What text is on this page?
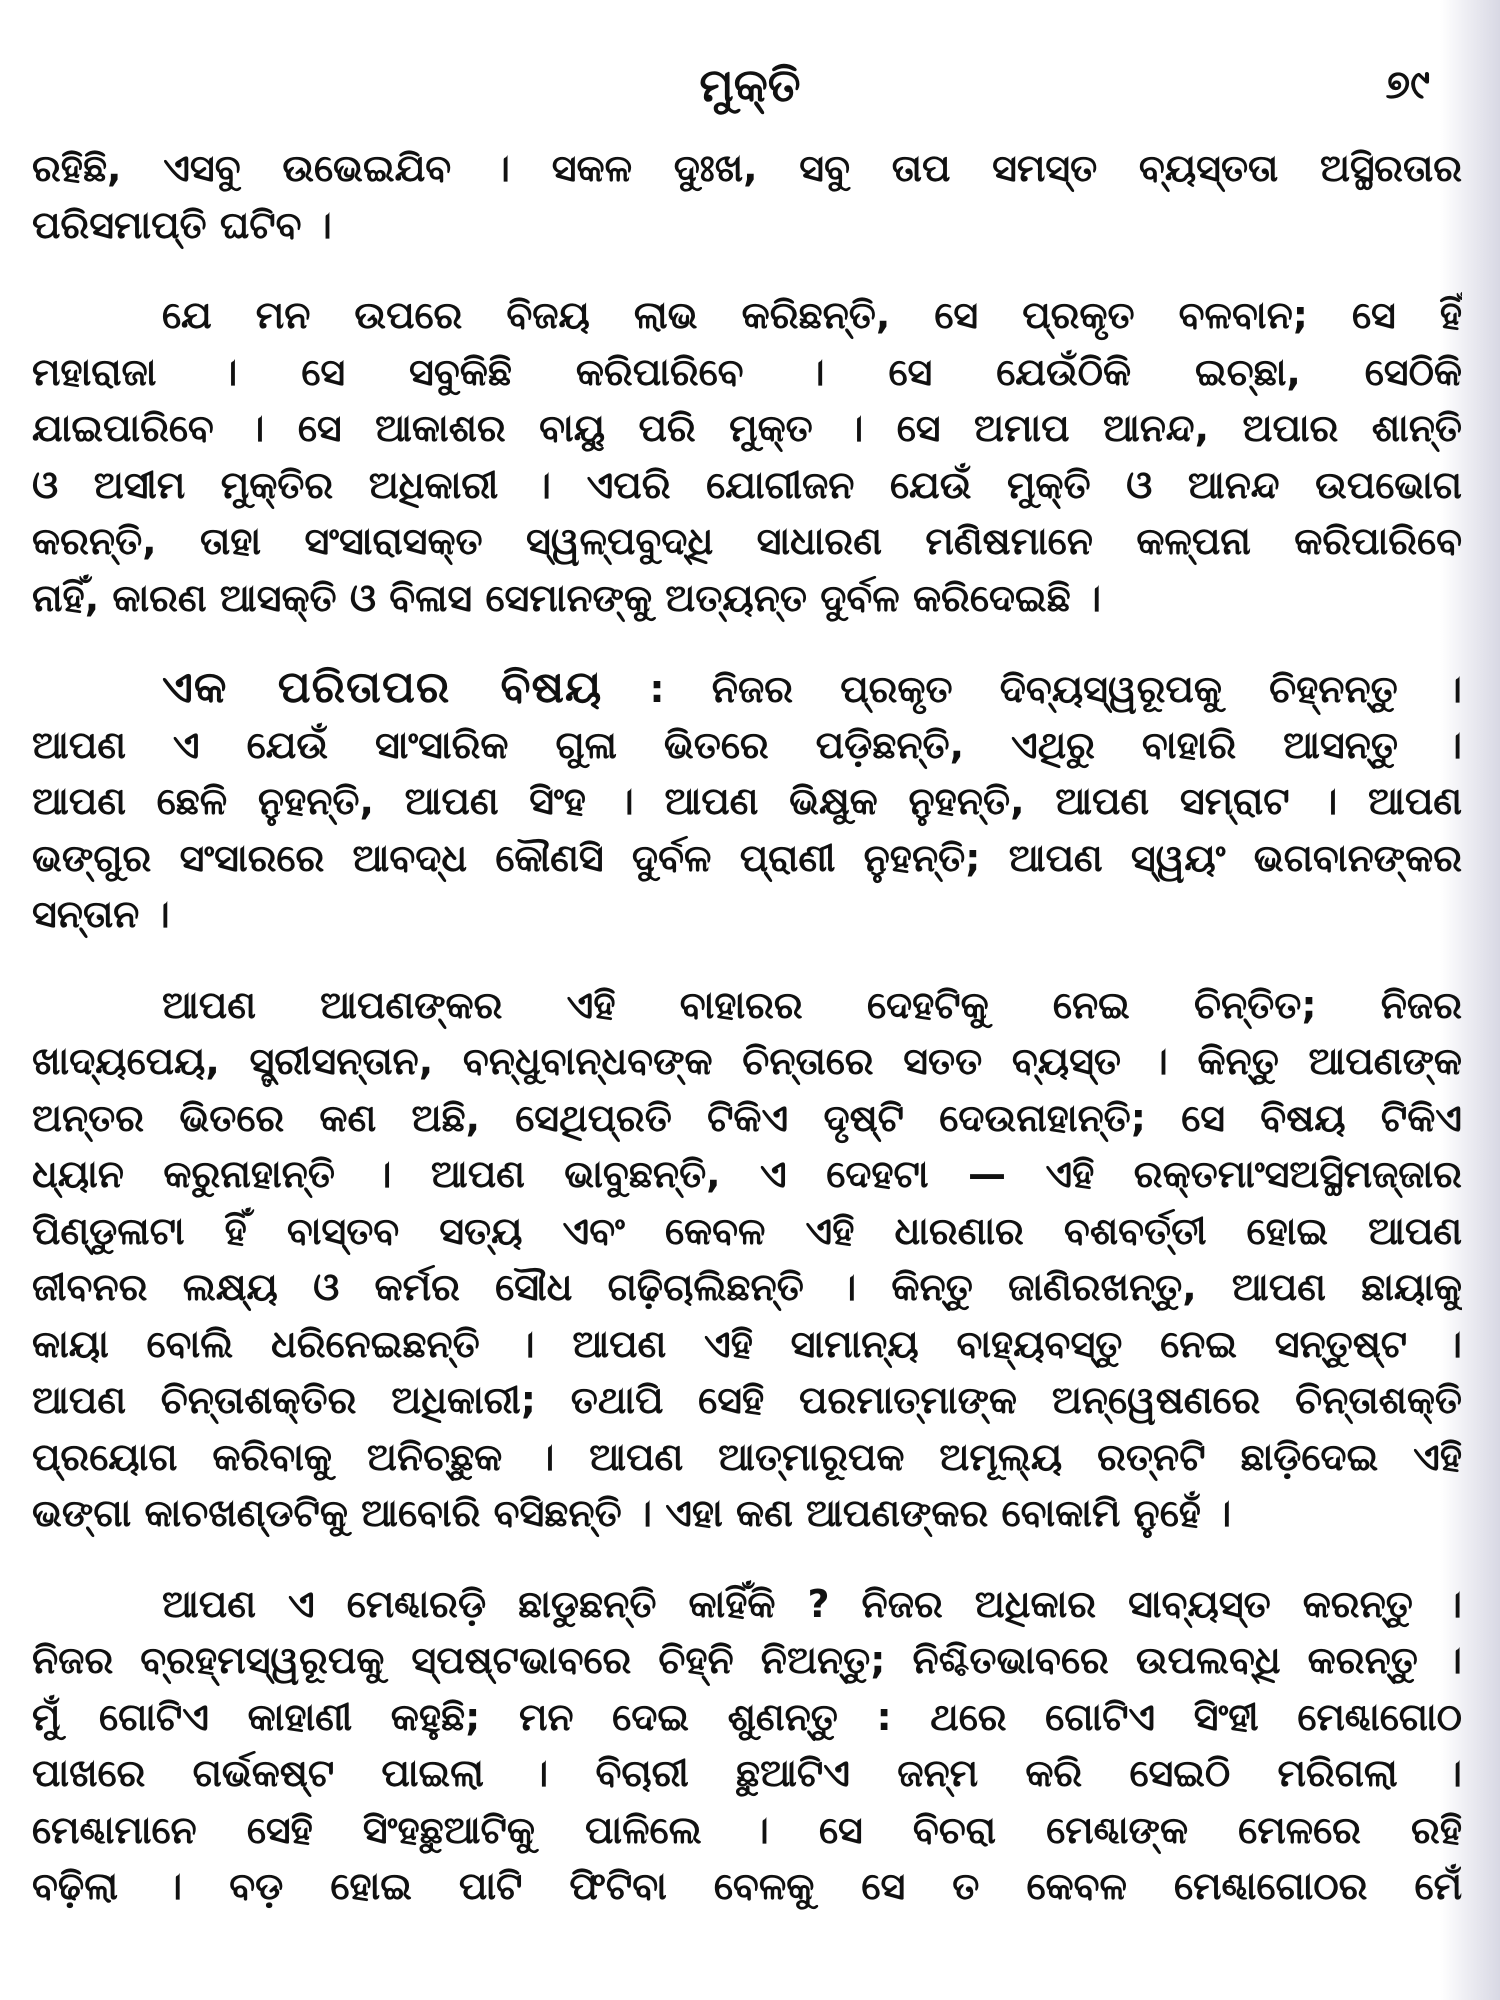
ମୁକ୍ତି	୭୯
ରହିଛି, ଏସବୁ ଉଭେଇଯିବ । ସକଳ ଦୁଃଖ, ସବୁ ତାପ ସମସ୍ତ ବ୍ୟସ୍ତତା ଅସ୍ଥିରତାର
ପରିସମାପ୍ତି ଘଟିବ ।
ଯେ ମନ ଉପରେ ବିଜୟ ଲାଭ କରିଛନ୍ତି, ସେ ପ୍ରକୃତ ବଳବାନ; ସେ ହିଁ
ମହାରାଜା । ସେ ସବୁକିଛି କରିପାରିବେ । ସେ ଯେଉଁଠିକି ଇଚ୍ଛା, ସେଠିକି
ଯାଇପାରିବେ । ସେ ଆକାଶର ବାୟୁ ପରି ମୁକ୍ତ । ସେ ଅମାପ ଆନନ୍ଦ, ଅପାର ଶାନ୍ତି
ଓ ଅସୀମ ମୁକ୍ତିର ଅଧିକାରୀ । ଏପରି ଯୋଗୀଜନ ଯେଉଁ ମୁକ୍ତି ଓ ଆନନ୍ଦ ଉପଭୋଗ
କରନ୍ତି, ତାହା ସଂସାରାସକ୍ତ ସ୍ୱଳ୍ପବୁଦ୍ଧି ସାଧାରଣ ମଣିଷମାନେ କଳ୍ପନା କରିପାରିବେ
ନାହିଁ, କାରଣ ଆସକ୍ତି ଓ ବିଳାସ ସେମାନଙ୍କୁ ଅତ୍ୟନ୍ତ ଦୁର୍ବଳ କରିଦେଇଛି ।
ଏକ ପରିତାପର ବିଷୟ : ନିଜର ପ୍ରକୃତ ଦିବ୍ୟସ୍ୱରୂପକୁ ଚିହ୍ନନ୍ତୁ ।
ଆପଣ ଏ ଯେଉଁ ସାଂସାରିକ ଗୁଳା ଭିତରେ ପଡ଼ିଛନ୍ତି, ଏଥିରୁ ବାହାରି ଆସନ୍ତୁ ।
ଆପଣ ଛେଳି ନୁହନ୍ତି, ଆପଣ ସିଂହ । ଆପଣ ଭିକ୍ଷୁକ ନୁହନ୍ତି, ଆପଣ ସମ୍ରାଟ । ଆପଣ
ଭଙ୍ଗୁର ସଂସାରରେ ଆବଦ୍ଧ କୌଣସି ଦୁର୍ବଳ ପ୍ରାଣୀ ନୁହନ୍ତି; ଆପଣ ସ୍ୱୟଂ ଭଗବାନଙ୍କର
ସନ୍ତାନ ।
ଆପଣ ଆପଣଙ୍କର ଏହି ବାହାରର ଦେହଟିକୁ ନେଇ ଚିନ୍ତିତ; ନିଜର
ଖାଦ୍ୟପେୟ, ସ୍ତ୍ରୀସନ୍ତାନ, ବନ୍ଧୁବାନ୍ଧବଙ୍କ ଚିନ୍ତାରେ ସତତ ବ୍ୟସ୍ତ । କିନ୍ତୁ ଆପଣଙ୍କ
ଅନ୍ତର ଭିତରେ କଣ ଅଛି, ସେଥିପ୍ରତି ଟିକିଏ ଦୃଷ୍ଟି ଦେଉନାହାନ୍ତି; ସେ ବିଷୟ ଟିକିଏ
ଧ୍ୟାନ କରୁନାହାନ୍ତି । ଆପଣ ଭାବୁଛନ୍ତି, ଏ ଦେହଟା — ଏହି ରକ୍ତମାଂସଅସ୍ଥିମଜ୍ଜାର
ପିଣ୍ଡୁଳାଟା ହିଁ ବାସ୍ତବ ସତ୍ୟ ଏବଂ କେବଳ ଏହି ଧାରଣାର ବଶବର୍ତ୍ତୀ ହୋଇ ଆପଣ
ଜୀବନର ଲକ୍ଷ୍ୟ ଓ କର୍ମର ସୌଧ ଗଢ଼ିଚାଲିଛନ୍ତି । କିନ୍ତୁ ଜାଣିରଖନ୍ତୁ, ଆପଣ ଛାୟାକୁ
କାୟା ବୋଲି ଧରିନେଇଛନ୍ତି । ଆପଣ ଏହି ସାମାନ୍ୟ ବାହ୍ୟବସ୍ତୁ ନେଇ ସନ୍ତୁଷ୍ଟ ।
ଆପଣ ଚିନ୍ତାଶକ୍ତିର ଅଧିକାରୀ; ତଥାପି ସେହି ପରମାତ୍ମାଙ୍କ ଅନ୍ୱେଷଣରେ ଚିନ୍ତାଶକ୍ତି
ପ୍ରୟୋଗ କରିବାକୁ ଅନିଚ୍ଛୁକ । ଆପଣ ଆତ୍ମାରୂପକ ଅମୂଲ୍ୟ ରତ୍ନଟି ଛାଡ଼ିଦେଇ ଏହି
ଭଙ୍ଗା କାଚଖଣ୍ଡଟିକୁ ଆବୋରି ବସିଛନ୍ତି । ଏହା କଣ ଆପଣଙ୍କର ବୋକାମି ନୁହେଁ ।
ଆପଣ ଏ ମେଣ୍ଢାରଡ଼ି ଛାଡୁଛନ୍ତି କାହିଁକି ? ନିଜର ଅଧିକାର ସାବ୍ୟସ୍ତ କରନ୍ତୁ ।
ନିଜର ବ୍ରହ୍ମସ୍ୱରୂପକୁ ସ୍ପଷ୍ଟଭାବରେ ଚିହ୍ନି ନିଅନ୍ତୁ; ନିଶ୍ଚିତଭାବରେ ଉପଲବ୍ଧି କରନ୍ତୁ ।
ମୁଁ ଗୋଟିଏ କାହାଣୀ କହୁଛି; ମନ ଦେଇ ଶୁଣନ୍ତୁ : ଥରେ ଗୋଟିଏ ସିଂହୀ ମେଣ୍ଢାଗୋଠ
ପାଖରେ ଗର୍ଭକଷ୍ଟ ପାଇଲା । ବିଚାରୀ ଛୁଆଟିଏ ଜନ୍ମ କରି ସେଇଠି ମରିଗଲା ।
ମେଣ୍ଢାମାନେ ସେହି ସିଂହଛୁଆଟିକୁ ପାଳିଲେ । ସେ ବିଚରା ମେଣ୍ଢାଙ୍କ ମେଳରେ ରହି
ବଢ଼ିଲା । ବଡ଼ ହୋଇ ପାଟି ଫିଟିବା ବେଳକୁ ସେ ତ କେବଳ ମେଣ୍ଢାଗୋଠର ମେଁ
